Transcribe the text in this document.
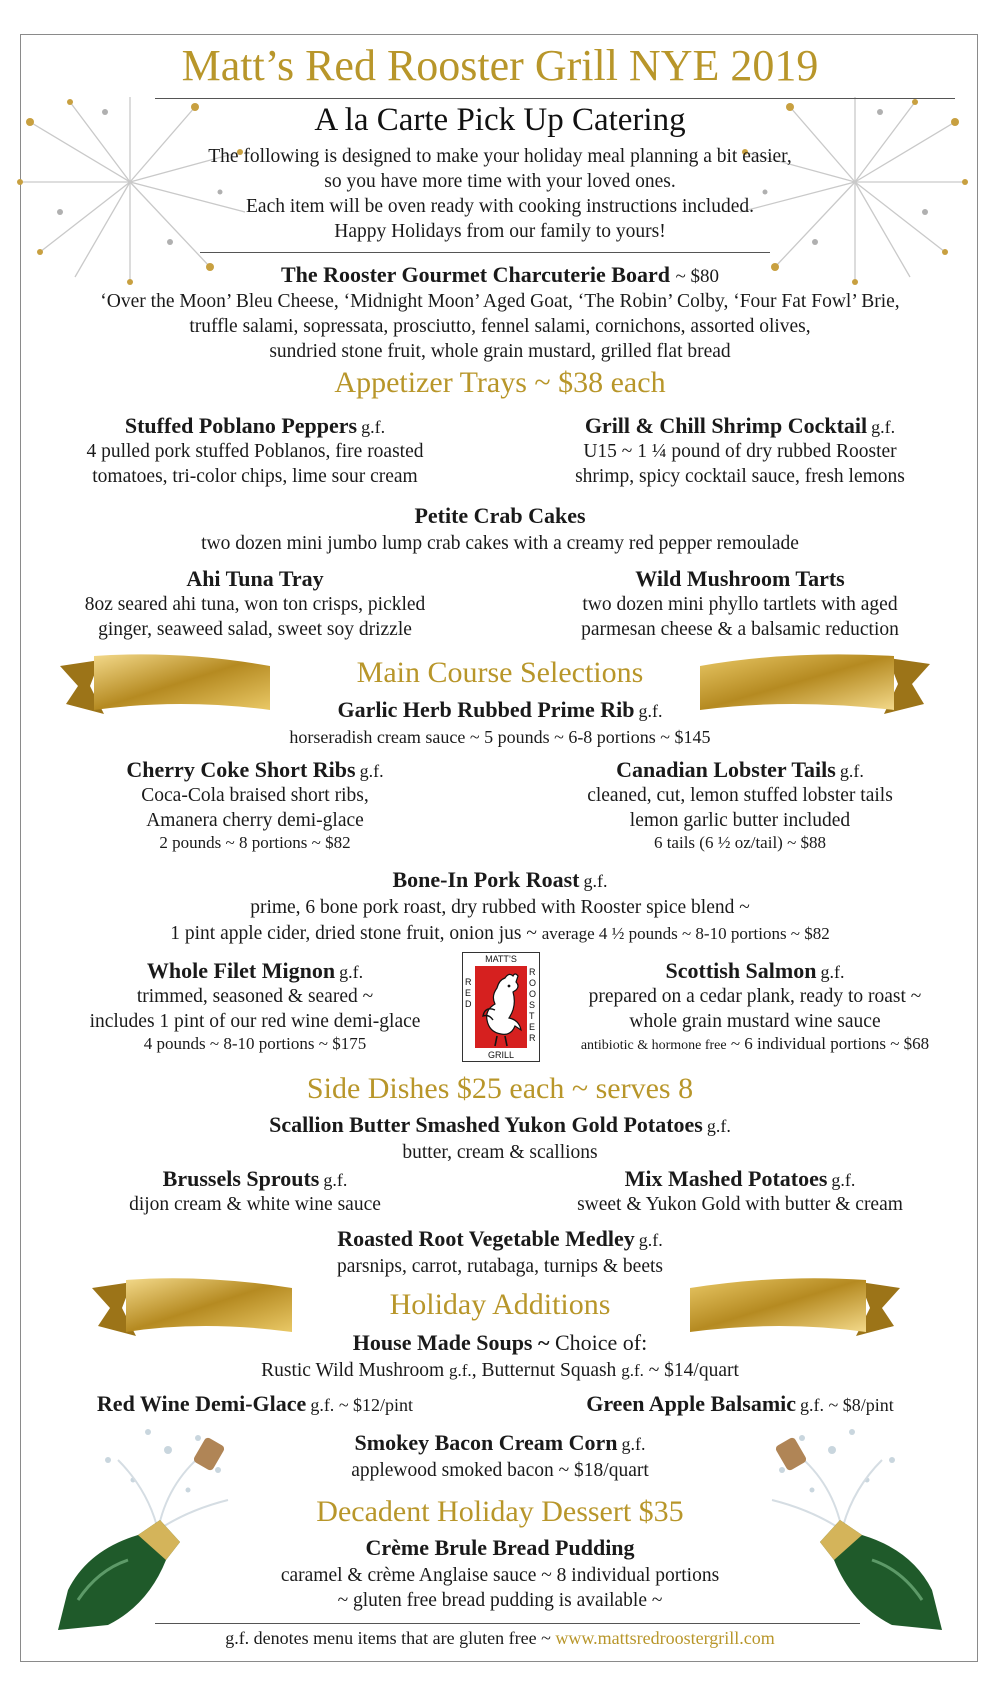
Matt’s Red Rooster Grill NYE 2019
A la Carte Pick Up Catering
The following is designed to make your holiday meal planning a bit easier,
so you have more time with your loved ones.
Each item will be oven ready with cooking instructions included.
Happy Holidays from our family to yours!
The Rooster Gourmet Charcuterie Board ~ $80
‘Over the Moon’ Bleu Cheese, ‘Midnight Moon’ Aged Goat, ‘The Robin’ Colby, ‘Four Fat Fowl’ Brie,
truffle salami, sopressata, prosciutto, fennel salami, cornichons, assorted olives,
sundried stone fruit, whole grain mustard, grilled flat bread
Appetizer Trays ~ $38 each
Stuffed Poblano Peppers g.f.
4 pulled pork stuffed Poblanos, fire roasted
tomatoes, tri-color chips, lime sour cream
Grill & Chill Shrimp Cocktail g.f.
U15 ~ 1 ¼ pound of dry rubbed Rooster
shrimp, spicy cocktail sauce, fresh lemons
Petite Crab Cakes
two dozen mini jumbo lump crab cakes with a creamy red pepper remoulade
Ahi Tuna Tray
8oz seared ahi tuna, won ton crisps, pickled
ginger, seaweed salad, sweet soy drizzle
Wild Mushroom Tarts
two dozen mini phyllo tartlets with aged
parmesan cheese & a balsamic reduction
Main Course Selections
Garlic Herb Rubbed Prime Rib g.f.
horseradish cream sauce ~ 5 pounds ~ 6-8 portions ~ $145
Cherry Coke Short Ribs g.f.
Coca-Cola braised short ribs,
Amanera cherry demi-glace
2 pounds ~ 8 portions ~ $82
Canadian Lobster Tails g.f.
cleaned, cut, lemon stuffed lobster tails
lemon garlic butter included
6 tails (6 ½ oz/tail) ~ $88
Bone-In Pork Roast g.f.
prime, 6 bone pork roast, dry rubbed with Rooster spice blend ~
1 pint apple cider, dried stone fruit, onion jus ~ average 4 ½ pounds ~ 8-10 portions ~ $82
Whole Filet Mignon g.f.
trimmed, seasoned & seared ~
includes 1 pint of our red wine demi-glace
4 pounds ~ 8-10 portions ~ $175
MATT’S
GRILL
RED
ROOSTER
Scottish Salmon g.f.
prepared on a cedar plank, ready to roast ~
whole grain mustard wine sauce
antibiotic & hormone free ~ 6 individual portions ~ $68
Side Dishes $25 each ~ serves 8
Scallion Butter Smashed Yukon Gold Potatoes g.f.
butter, cream & scallions
Brussels Sprouts g.f.
dijon cream & white wine sauce
Mix Mashed Potatoes g.f.
sweet & Yukon Gold with butter & cream
Roasted Root Vegetable Medley g.f.
parsnips, carrot, rutabaga, turnips & beets
Holiday Additions
House Made Soups ~ Choice of:
Rustic Wild Mushroom g.f., Butternut Squash g.f. ~ $14/quart
Red Wine Demi-Glace g.f. ~ $12/pint	Green Apple Balsamic g.f. ~ $8/pint
Smokey Bacon Cream Corn g.f.
applewood smoked bacon ~ $18/quart
Decadent Holiday Dessert $35
Crème Brule Bread Pudding
caramel & crème Anglaise sauce ~ 8 individual portions
~ gluten free bread pudding is available ~
g.f. denotes menu items that are gluten free ~ www.mattsredroostergrill.com
